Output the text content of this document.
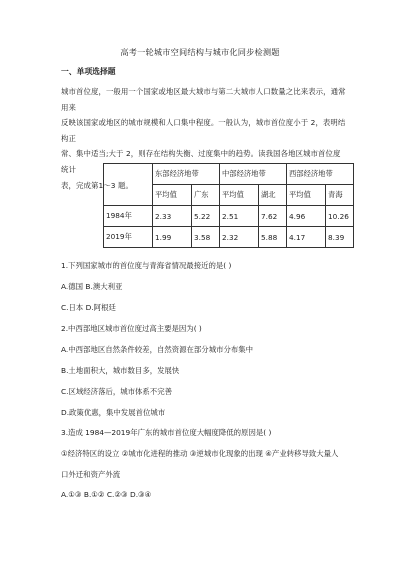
高考一轮城市空间结构与城市化同步检测题
一、单项选择题
城市首位度，一般用一个国家或地区最大城市与第二大城市人口数量之比来表示，通常用来
反映该国家或地区的城市规模和人口集中程度。一般认为，城市首位度小于 2，表明结构正
常、集中适当;大于 2，则存在结构失衡、过度集中的趋势。读我国各地区城市首位度统计
表，完成第1～3 题。
	东部经济地带		中部经济地带		西部经济地带	
	平均值	广东	平均值	湖北	平均值	青海
1984年	2.33	5.22	2.51	7.62	4.96	10.26
2019年	1.99	3.58	2.32	5.88	4.17	8.39
1.下列国家城市的首位度与青海省情况最接近的是( )
A.德国 B.澳大利亚
C.日本 D.阿根廷
2.中西部地区城市首位度过高主要是因为( )
A.中西部地区自然条件较差，自然资源在部分城市分布集中
B.土地面积大，城市数目多，发展快
C.区域经济落后，城市体系不完善
D.政策优惠，集中发展首位城市
3.造成 1984—2019年广东的城市首位度大幅度降低的原因是( )
①经济特区的设立 ②城市化进程的推动 ③逆城市化现象的出现 ④产业转移导致大量人
口外迁和资产外流
A.①③ B.①② C.②③ D.③④
